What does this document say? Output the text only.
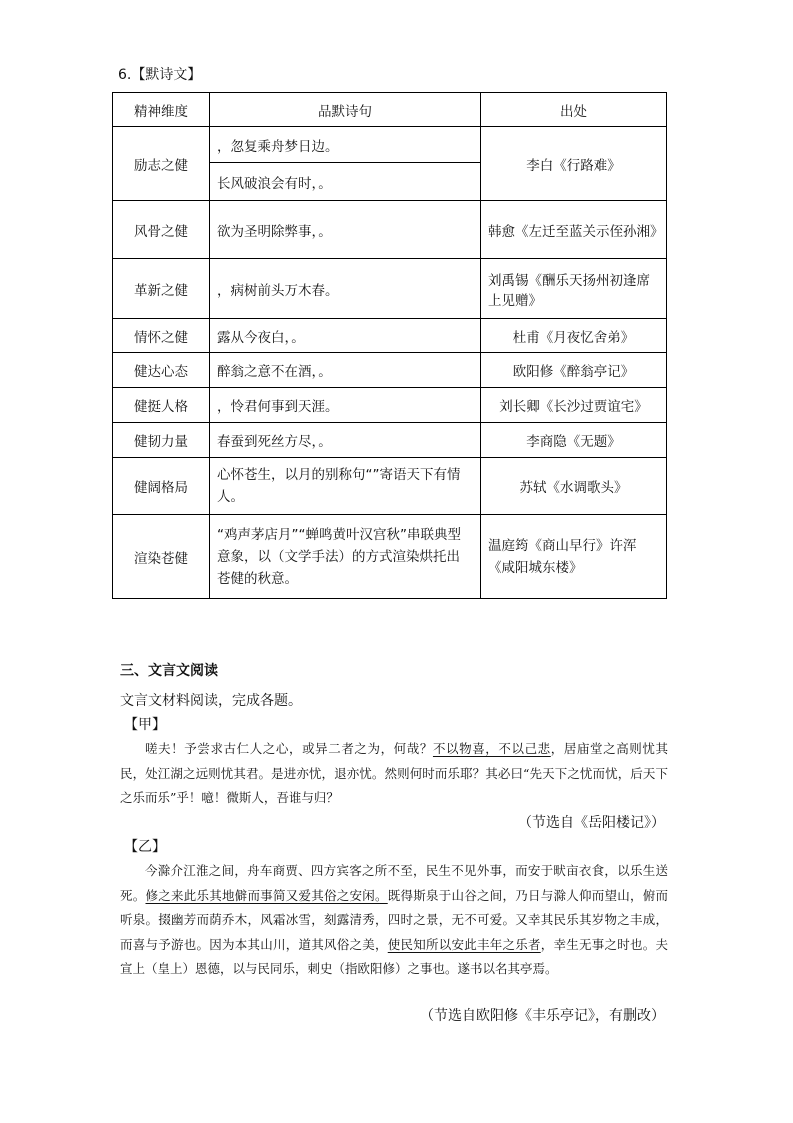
6.【默诗文】
精神维度	品默诗句	出处
励志之健	，忽复乘舟梦日边。	李白《行路难》
	长风破浪会有时，。	
风骨之健	欲为圣明除弊事，。	韩愈《左迁至蓝关示侄孙湘》
革新之健	，病树前头万木春。	刘禹锡《酬乐天扬州初逢席上见赠》
情怀之健	露从今夜白，。	杜甫《月夜忆舍弟》
健达心态	醉翁之意不在酒，。	欧阳修《醉翁亭记》
健挺人格	，怜君何事到天涯。	刘长卿《长沙过贾谊宅》
健韧力量	春蚕到死丝方尽，。	李商隐《无题》
健阔格局	心怀苍生，以月的别称句“”寄语天下有情人。	苏轼《水调歌头》
渲染苍健	“鸡声茅店月”“蝉鸣黄叶汉宫秋”串联典型意象，以（文学手法）的方式渲染烘托出苍健的秋意。	温庭筠《商山早行》许浑《咸阳城东楼》
三、文言文阅读
文言文材料阅读，完成各题。
【甲】

嗟夫！予尝求古仁人之心，或异二者之为，何哉？不以物喜，不以己悲，居庙堂之高则忧其民，处江湖之远则忧其君。是进亦忧，退亦忧。然则何时而乐耶？其必曰“先天下之忧而忧，后天下之乐而乐”乎！噫！微斯人，吾谁与归？

（节选自《岳阳楼记》）
【乙】

今滁介江淮之间，舟车商贾、四方宾客之所不至，民生不见外事，而安于畎亩衣食，以乐生送死。修之来此乐其地僻而事简又爱其俗之安闲。既得斯泉于山谷之间，乃日与滁人仰而望山，俯而听泉。掇幽芳而荫乔木，风霜冰雪，刻露清秀，四时之景，无不可爱。又幸其民乐其岁物之丰成，而喜与予游也。因为本其山川，道其风俗之美，使民知所以安此丰年之乐者，幸生无事之时也。夫宣上（皇上）恩德，以与民同乐，刺史（指欧阳修）之事也。遂书以名其亭焉。

（节选自欧阳修《丰乐亭记》，有删改）
